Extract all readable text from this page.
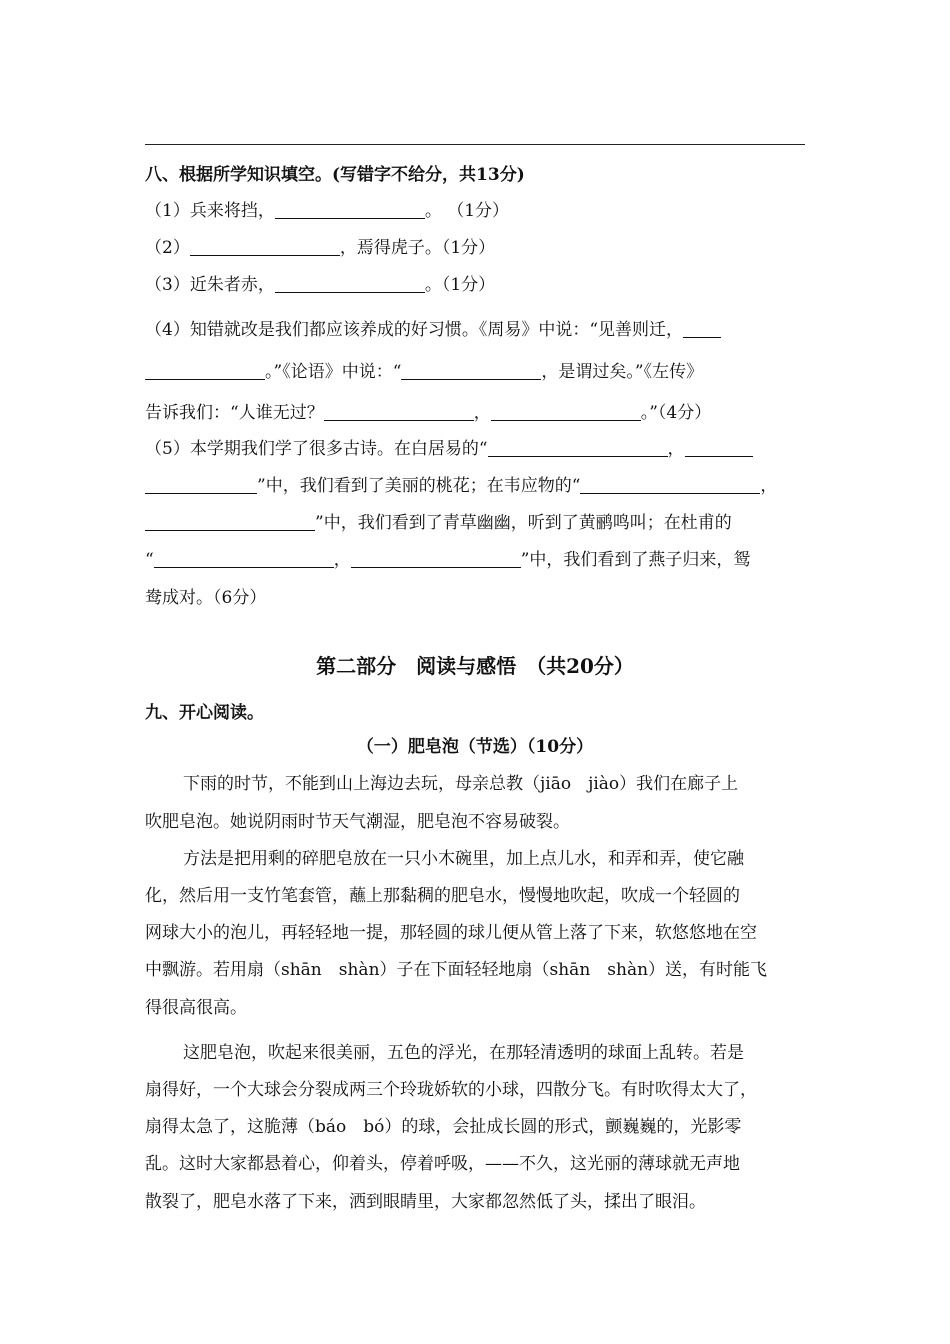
八、根据所学知识填空。(写错字不给分，共13分)
（1）兵来将挡，	。 （1分）
（2）	，焉得虎子。（1分）
（3）近朱者赤，	。（1分）
（4）知错就改是我们都应该养成的好习惯。《周易》中说：“见善则迁，
。”《论语》中说：“	，是谓过矣。”《左传》
告诉我们：“人谁无过？	，	。”（4分）
（5）本学期我们学了很多古诗。在白居易的“	，
”中，我们看到了美丽的桃花；在韦应物的“	，
”中，我们看到了青草幽幽，听到了黄鹂鸣叫；在杜甫的
“	，	”中，我们看到了燕子归来，鸳
鸯成对。（6分）
第二部分　阅读与感悟　（共20分）
九、开心阅读。
（一）肥皂泡（节选）（10分）
下雨的时节，不能到山上海边去玩，母亲总教（jiāo　jiào）我们在廊子上
吹肥皂泡。她说阴雨时节天气潮湿，肥皂泡不容易破裂。
方法是把用剩的碎肥皂放在一只小木碗里，加上点儿水，和弄和弄，使它融
化，然后用一支竹笔套管，蘸上那黏稠的肥皂水，慢慢地吹起，吹成一个轻圆的
网球大小的泡儿，再轻轻地一提，那轻圆的球儿便从管上落了下来，软悠悠地在空
中飘游。若用扇（shān　shàn）子在下面轻轻地扇（shān　shàn）送，有时能飞
得很高很高。
这肥皂泡，吹起来很美丽，五色的浮光，在那轻清透明的球面上乱转。若是
扇得好，一个大球会分裂成两三个玲珑娇软的小球，四散分飞。有时吹得太大了，
扇得太急了，这脆薄（báo　bó）的球，会扯成长圆的形式，颤巍巍的，光影零
乱。这时大家都悬着心，仰着头，停着呼吸，——不久，这光丽的薄球就无声地
散裂了，肥皂水落了下来，洒到眼睛里，大家都忽然低了头，揉出了眼泪。
